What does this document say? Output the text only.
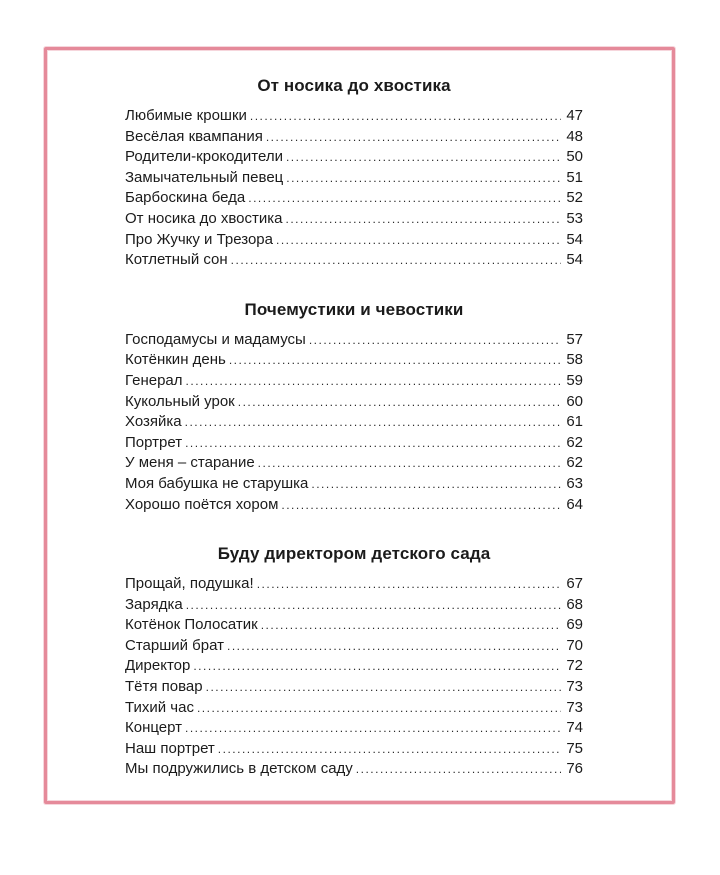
От носика до хвостика
Любимые крошки .....	47
Весёлая квампания .....	48
Родители-крокодители .....	50
Замычательный певец .....	51
Барбоскина беда .....	52
От носика до хвостика .....	53
Про Жучку и Трезора .....	54
Котлетный сон .....	54
Почемустики и чевостики
Господамусы и мадамусы .....	57
Котёнкин день .....	58
Генерал .....	59
Кукольный урок .....	60
Хозяйка .....	61
Портрет .....	62
У меня – старание .....	62
Моя бабушка не старушка .....	63
Хорошо поётся хором .....	64
Буду директором детского сада
Прощай, подушка! .....	67
Зарядка .....	68
Котёнок Полосатик .....	69
Старший брат .....	70
Директор .....	72
Тётя повар .....	73
Тихий час .....	73
Концерт .....	74
Наш портрет .....	75
Мы подружились в детском саду .....	76
